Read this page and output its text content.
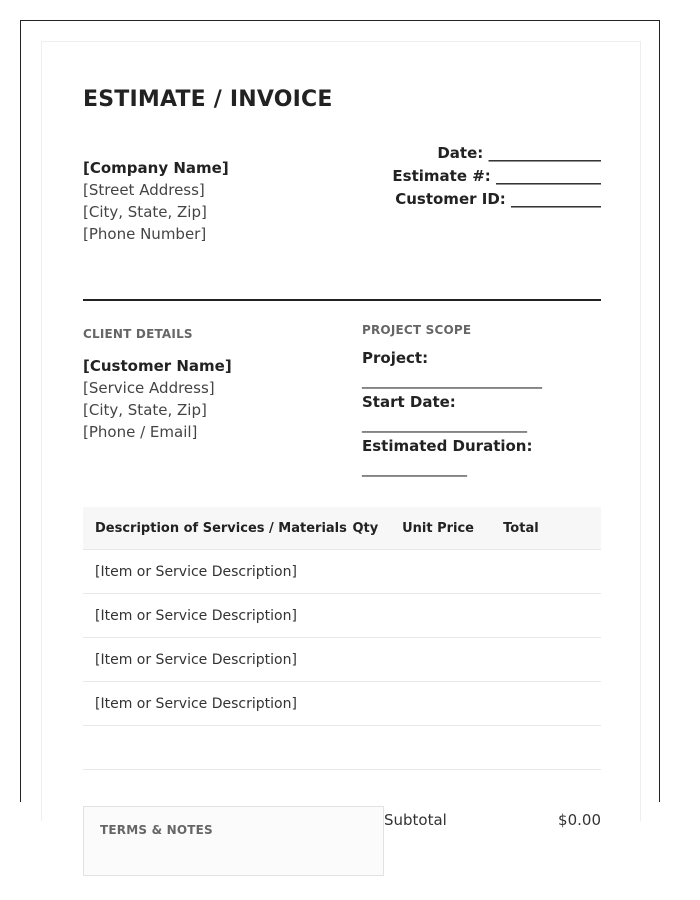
ESTIMATE / INVOICE
[Company Name]
[Street Address]
[City, State, Zip]
[Phone Number]
Date: _______________
Estimate #: ______________
Customer ID: ____________
CLIENT DETAILS
[Customer Name]
[Service Address]
[City, State, Zip]
[Phone / Email]
PROJECT SCOPE
Project:
________________________
Start Date:
______________________
Estimated Duration:
______________
Description of Services / Materials	Qty	Unit Price	Total
[Item or Service Description]			
[Item or Service Description]			
[Item or Service Description]			
[Item or Service Description]			

TERMS & NOTES
Subtotal	$0.00
